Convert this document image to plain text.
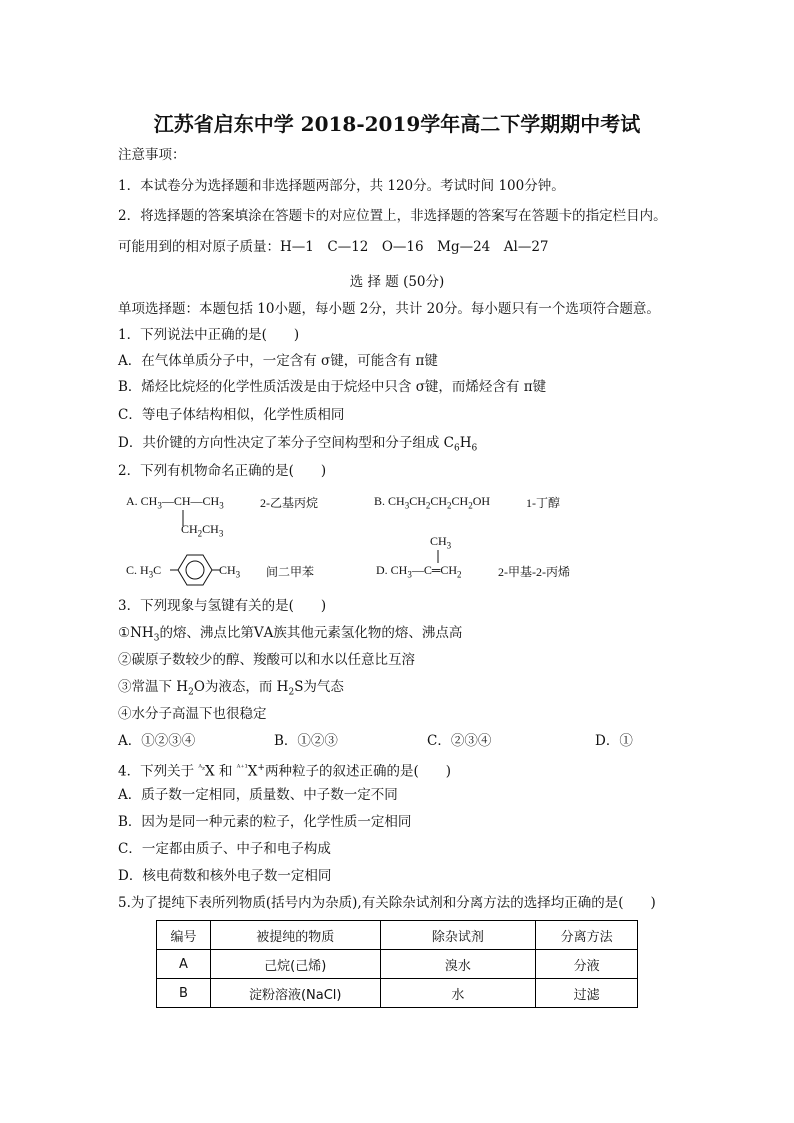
江苏省启东中学 2018-2019学年高二下学期期中考试
注意事项：
1．本试卷分为选择题和非选择题两部分，共 120分。考试时间 100分钟。
2．将选择题的答案填涂在答题卡的对应位置上，非选择题的答案写在答题卡的指定栏目内。
可能用到的相对原子质量：H—1　C—12　O—16　Mg—24　Al—27
选 择 题 (50分)
单项选择题：本题包括 10小题，每小题 2分，共计 20分。每小题只有一个选项符合题意。
1．下列说法中正确的是(　　)
A．在气体单质分子中，一定含有 σ键，可能含有 π键
B．烯烃比烷烃的化学性质活泼是由于烷烃中只含 σ键，而烯烃含有 π键
C．等电子体结构相似，化学性质相同
D．共价键的方向性决定了苯分子空间构型和分子组成 $C_6H_6$
2．下列有机物命名正确的是(　　)
A. $CH_3—CH—CH_3$
$CH_2CH_3$
2-乙基丙烷	B. $CH_3CH_2CH_2CH_2OH$	1-丁醇
C. $H_3C$	$CH_3$ 间二甲苯
$CH_3$
D. $CH_3—C═CH_2$	2-甲基-2-丙烯
3．下列现象与氢键有关的是(　　)
$①NH_3$的熔、沸点比第ⅤA族其他元素氢化物的熔、沸点高
②碳原子数较少的醇、羧酸可以和水以任意比互溶
③常温下 $H_2O$为液态，而 $H_2S$为气态
④水分子高温下也很稳定
A．①②③④	B．①②③	C．②③④	D．①
4．下列关于 $^{ᴬ_ᶻ}$X 和 $^{ᴬ^{+1}}$X+两种粒子的叙述正确的是(　　)
A．质子数一定相同，质量数、中子数一定不同
B．因为是同一种元素的粒子，化学性质一定相同
C．一定都由质子、中子和电子构成
D．核电荷数和核外电子数一定相同
5.为了提纯下表所列物质(括号内为杂质),有关除杂试剂和分离方法的选择均正确的是(　　)
编号	被提纯的物质	除杂试剂	分离方法
A	己烷(己烯)	溴水	分液
B	淀粉溶液(NaCl)	水	过滤
